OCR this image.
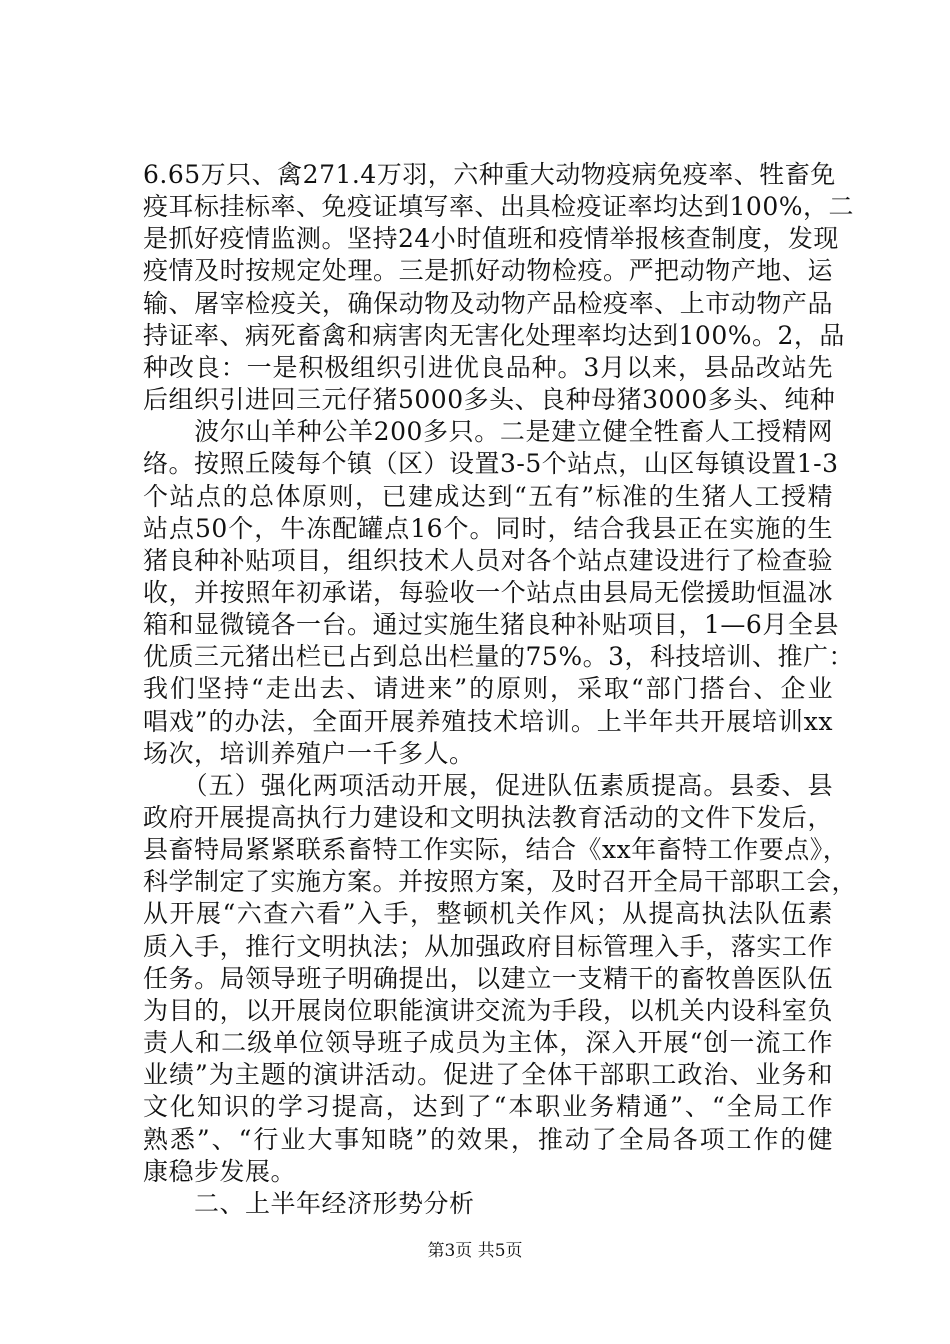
6.65万只、禽271.4万羽，六种重大动物疫病免疫率、牲畜免
疫耳标挂标率、免疫证填写率、出具检疫证率均达到100%，二
是抓好疫情监测。坚持24小时值班和疫情举报核查制度，发现
疫情及时按规定处理。三是抓好动物检疫。严把动物产地、运
输、屠宰检疫关，确保动物及动物产品检疫率、上市动物产品
持证率、病死畜禽和病害肉无害化处理率均达到100%。2，品
种改良：一是积极组织引进优良品种。3月以来，县品改站先
后组织引进回三元仔猪5000多头、良种母猪3000多头、纯种
　　波尔山羊种公羊200多只。二是建立健全牲畜人工授精网
络。按照丘陵每个镇（区）设置3-5个站点，山区每镇设置1-3
个站点的总体原则，已建成达到“五有”标准的生猪人工授精
站点50个，牛冻配罐点16个。同时，结合我县正在实施的生
猪良种补贴项目，组织技术人员对各个站点建设进行了检查验
收，并按照年初承诺，每验收一个站点由县局无偿援助恒温冰
箱和显微镜各一台。通过实施生猪良种补贴项目，1—6月全县
优质三元猪出栏已占到总出栏量的75%。3，科技培训、推广：
我们坚持“走出去、请进来”的原则，采取“部门搭台、企业
唱戏”的办法，全面开展养殖技术培训。上半年共开展培训xx
场次，培训养殖户一千多人。
　　（五）强化两项活动开展，促进队伍素质提高。县委、县
政府开展提高执行力建设和文明执法教育活动的文件下发后，
县畜特局紧紧联系畜特工作实际，结合《xx年畜特工作要点》，
科学制定了实施方案。并按照方案，及时召开全局干部职工会，
从开展“六查六看”入手，整顿机关作风；从提高执法队伍素
质入手，推行文明执法；从加强政府目标管理入手，落实工作
任务。局领导班子明确提出，以建立一支精干的畜牧兽医队伍
为目的，以开展岗位职能演讲交流为手段，以机关内设科室负
责人和二级单位领导班子成员为主体，深入开展“创一流工作
业绩”为主题的演讲活动。促进了全体干部职工政治、业务和
文化知识的学习提高，达到了“本职业务精通”、“全局工作
熟悉”、“行业大事知晓”的效果，推动了全局各项工作的健
康稳步发展。
　　二、上半年经济形势分析
第3页 共5页
